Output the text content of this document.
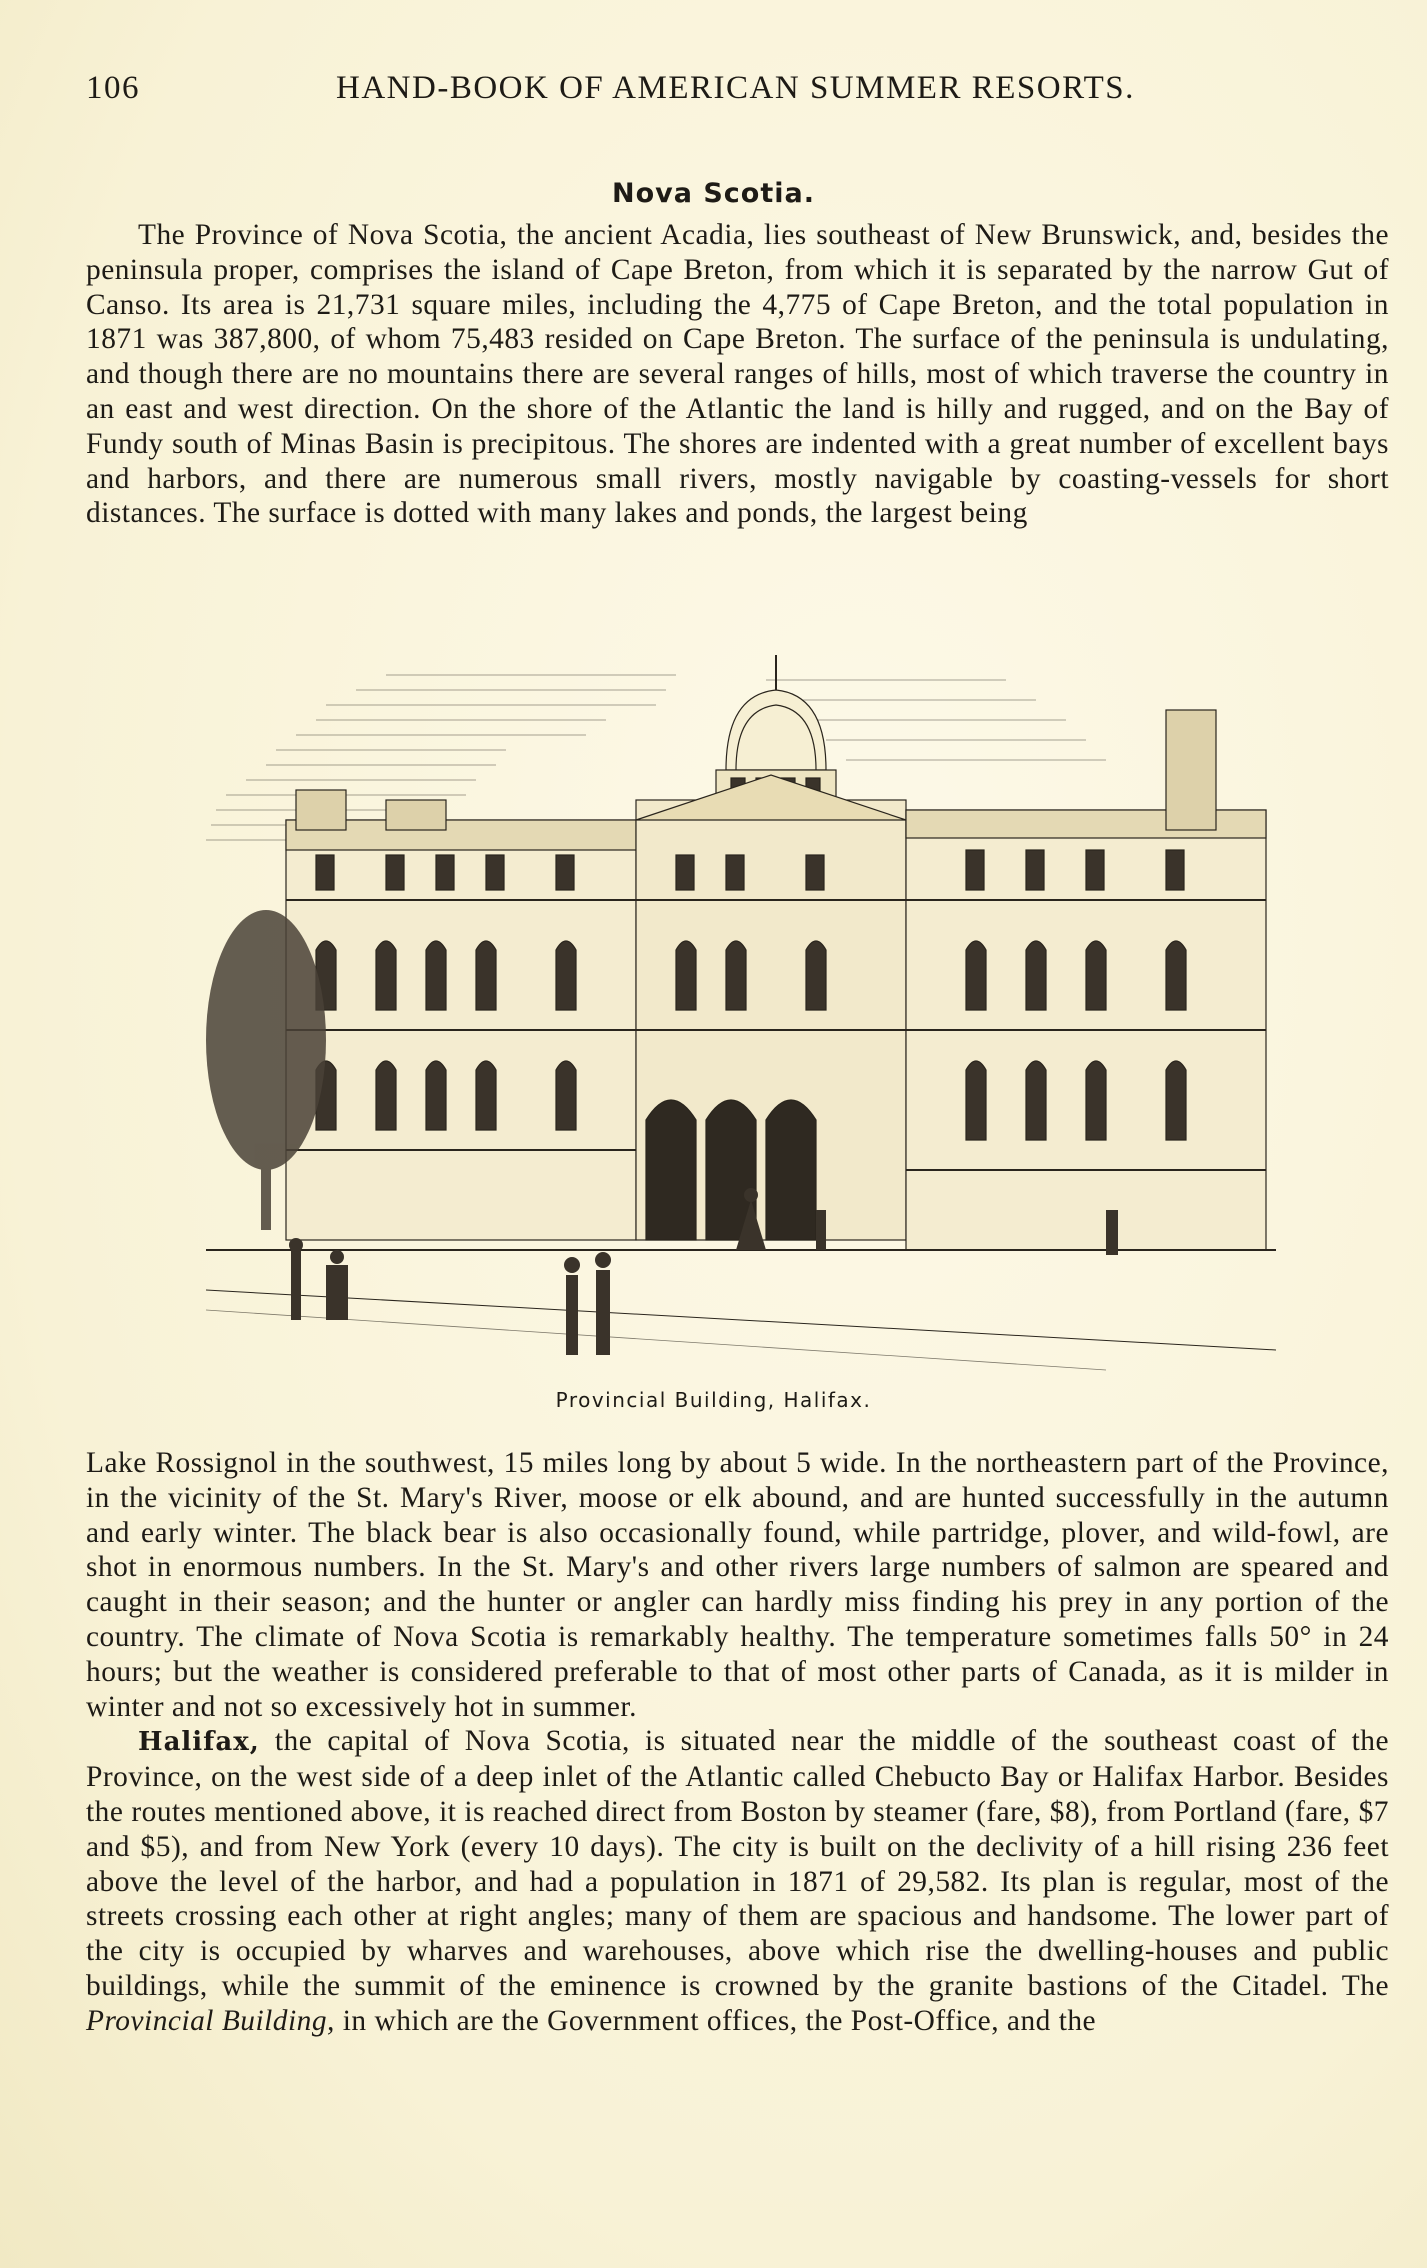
106	HAND-BOOK OF AMERICAN SUMMER RESORTS.
Nova Scotia.

The Province of Nova Scotia, the ancient Acadia, lies southeast of New Brunswick, and, besides the peninsula proper, comprises the island of Cape Breton, from which it is separated by the narrow Gut of Canso. Its area is 21,731 square miles, including the 4,775 of Cape Breton, and the total population in 1871 was 387,800, of whom 75,483 resided on Cape Breton. The surface of the peninsula is undulating, and though there are no mountains there are several ranges of hills, most of which traverse the country in an east and west direction. On the shore of the Atlantic the land is hilly and rugged, and on the Bay of Fundy south of Minas Basin is precipitous. The shores are indented with a great number of excellent bays and harbors, and there are numerous small rivers, mostly navigable by coasting-vessels for short distances. The surface is dotted with many lakes and ponds, the largest being

Provincial Building, Halifax.

Lake Rossignol in the southwest, 15 miles long by about 5 wide. In the northeastern part of the Province, in the vicinity of the St. Mary's River, moose or elk abound, and are hunted successfully in the autumn and early winter. The black bear is also occasionally found, while partridge, plover, and wild-fowl, are shot in enormous numbers. In the St. Mary's and other rivers large numbers of salmon are speared and caught in their season; and the hunter or angler can hardly miss finding his prey in any portion of the country. The climate of Nova Scotia is remarkably healthy. The temperature sometimes falls 50° in 24 hours; but the weather is considered preferable to that of most other parts of Canada, as it is milder in winter and not so excessively hot in summer.

Halifax, the capital of Nova Scotia, is situated near the middle of the southeast coast of the Province, on the west side of a deep inlet of the Atlantic called Chebucto Bay or Halifax Harbor. Besides the routes mentioned above, it is reached direct from Boston by steamer (fare, $8), from Portland (fare, $7 and $5), and from New York (every 10 days). The city is built on the declivity of a hill rising 236 feet above the level of the harbor, and had a population in 1871 of 29,582. Its plan is regular, most of the streets crossing each other at right angles; many of them are spacious and handsome. The lower part of the city is occupied by wharves and warehouses, above which rise the dwelling-houses and public buildings, while the summit of the eminence is crowned by the granite bastions of the Citadel. The Provincial Building, in which are the Government offices, the Post-Office, and the
